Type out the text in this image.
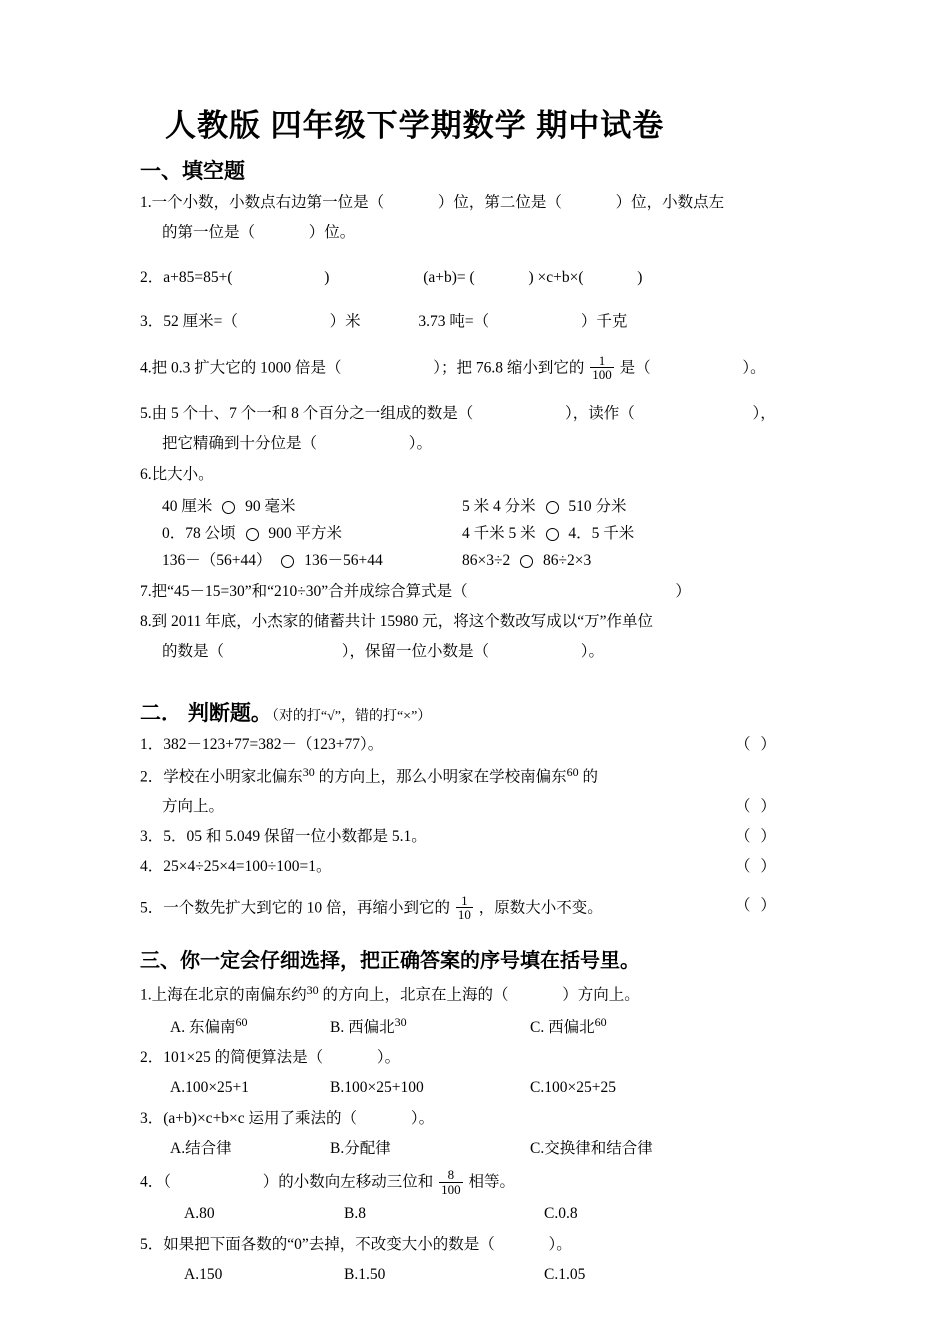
人教版 四年级下学期数学 期中试卷
一、填空题
1.一个小数，小数点右边第一位是（	）位，第二位是（	）位，小数点左
的第一位是（	）位。
2．a+85=85+(	)	(a+b)= (	) ×c+b×(	)
3．52 厘米=（	）米	3.73 吨=（	）千克
4.把 0.3 扩大它的 1000 倍是（	）；把 76.8 缩小到它的 $\frac{1}{100}$ 是（	）。
5.由 5 个十、7 个一和 8 个百分之一组成的数是（	），读作（	），
把它精确到十分位是（	）。
6.比大小。
40 厘米 90 毫米	5 米 4 分米 510 分米
0．78 公顷 900 平方米	4 千米 5 米 4．5 千米
136－（56+44） 136－56+44	86×3÷2 86÷2×3
7.把“45－15=30”和“210÷30”合并成综合算式是（	）
8.到 2011 年底，小杰家的储蓄共计 15980 元，将这个数改写成以“万”作单位
的数是（	），保留一位小数是（	）。
二． 判断题。（对的打“√”，错的打“×”）
1．382－123+77=382－（123+77）。	（ ）
2．学校在小明家北偏东$^{30}$ 的方向上，那么小明家在学校南偏东$^{60}$ 的
方向上。	（ ）
3．5．05 和 5.049 保留一位小数都是 5.1。	（ ）
4．25×4÷25×4=100÷100=1。	（ ）
5．一个数先扩大到它的 10 倍，再缩小到它的 $\frac{1}{10}$ ，原数大小不变。	（ ）
三、你一定会仔细选择，把正确答案的序号填在括号里。
1.上海在北京的南偏东约$^{30}$ 的方向上，北京在上海的（	）方向上。
A. 东偏南60	B. 西偏北30	C. 西偏北60
2．101×25 的简便算法是（	）。
A.100×25+1	B.100×25+100	C.100×25+25
3．(a+b)×c+b×c 运用了乘法的（	）。
A.结合律	B.分配律	C.交换律和结合律
4．（	）的小数向左移动三位和 $\frac{8}{100}$ 相等。
A.80	B.8	C.0.8
5．如果把下面各数的“0”去掉，不改变大小的数是（	）。
A.150	B.1.50	C.1.05
